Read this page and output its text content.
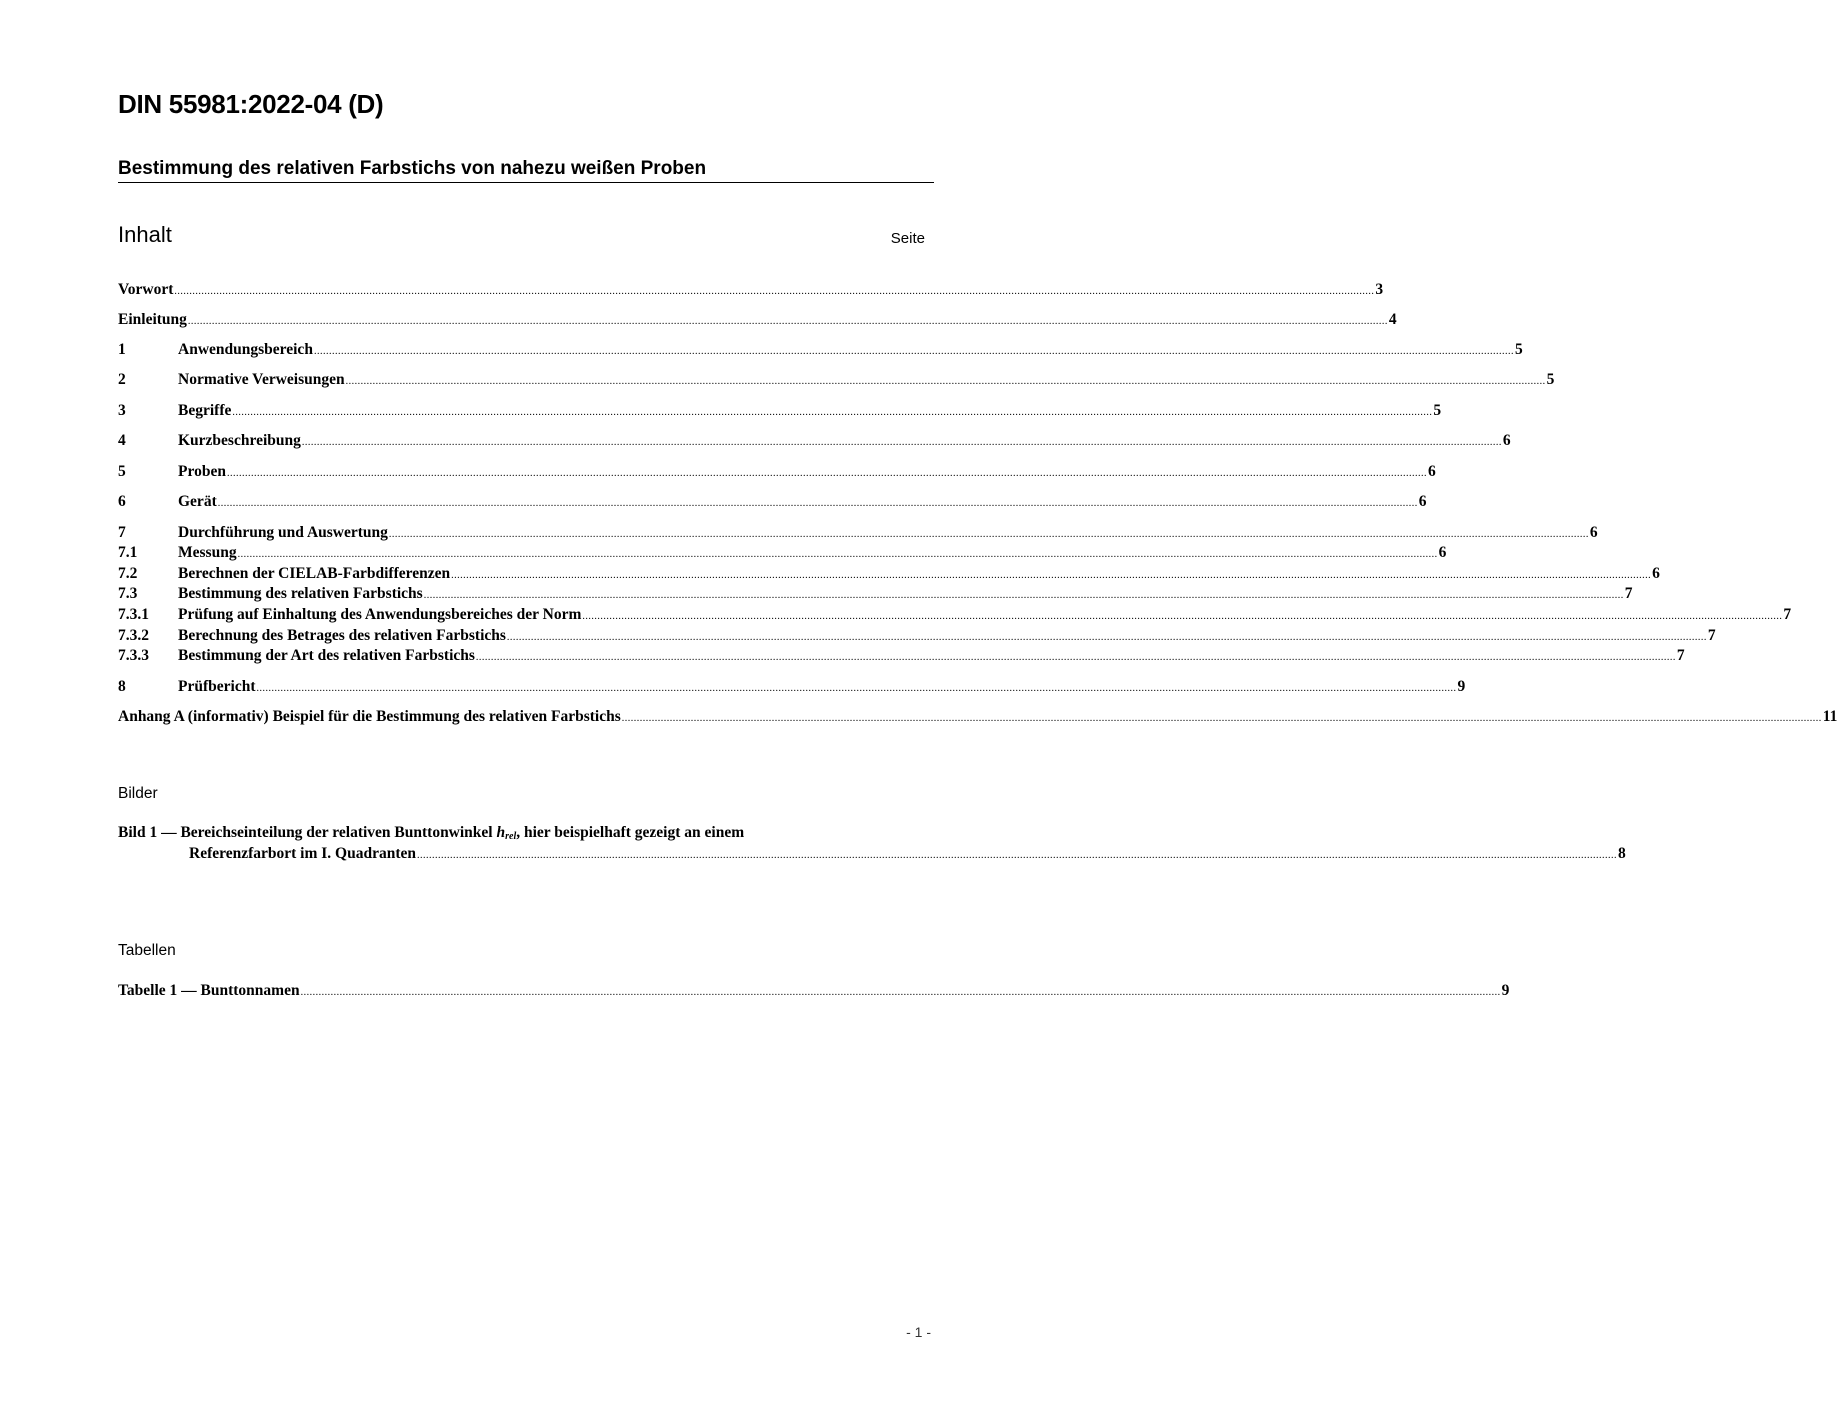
DIN 55981:2022-04 (D)
Bestimmung des relativen Farbstichs von nahezu weißen Proben
Inhalt	Seite
Vorwort ................................................................................................................................................................................................................................................................................................................................................................................................................ 3
Einleitung ................................................................................................................................................................................................................................................................................................................................................................................................................ 4
1	Anwendungsbereich ................................................................................................................................................................................................................................................................................................................................................................................................................ 5
2	Normative Verweisungen ................................................................................................................................................................................................................................................................................................................................................................................................................ 5
3	Begriffe ................................................................................................................................................................................................................................................................................................................................................................................................................ 5
4	Kurzbeschreibung ................................................................................................................................................................................................................................................................................................................................................................................................................ 6
5	Proben ................................................................................................................................................................................................................................................................................................................................................................................................................ 6
6	Gerät ................................................................................................................................................................................................................................................................................................................................................................................................................ 6
7	Durchführung und Auswertung ................................................................................................................................................................................................................................................................................................................................................................................................................ 6
7.1	Messung ................................................................................................................................................................................................................................................................................................................................................................................................................ 6
7.2	Berechnen der CIELAB-Farbdifferenzen ................................................................................................................................................................................................................................................................................................................................................................................................................ 6
7.3	Bestimmung des relativen Farbstichs ................................................................................................................................................................................................................................................................................................................................................................................................................ 7
7.3.1	Prüfung auf Einhaltung des Anwendungsbereiches der Norm ................................................................................................................................................................................................................................................................................................................................................................................................................ 7
7.3.2	Berechnung des Betrages des relativen Farbstichs ................................................................................................................................................................................................................................................................................................................................................................................................................ 7
7.3.3	Bestimmung der Art des relativen Farbstichs ................................................................................................................................................................................................................................................................................................................................................................................................................ 7
8	Prüfbericht ................................................................................................................................................................................................................................................................................................................................................................................................................ 9
Anhang A (informativ) Beispiel für die Bestimmung des relativen Farbstichs ................................................................................................................................................................................................................................................................................................................................................................................................................ 11
Bilder
Bild 1 — Bereichseinteilung der relativen Bunttonwinkel hrel, hier beispielhaft gezeigt an einem
Referenzfarbort im I. Quadranten ................................................................................................................................................................................................................................................................................................................................................................................................................ 8
Tabellen
Tabelle 1 — Bunttonnamen ................................................................................................................................................................................................................................................................................................................................................................................................................ 9
- 1 -
